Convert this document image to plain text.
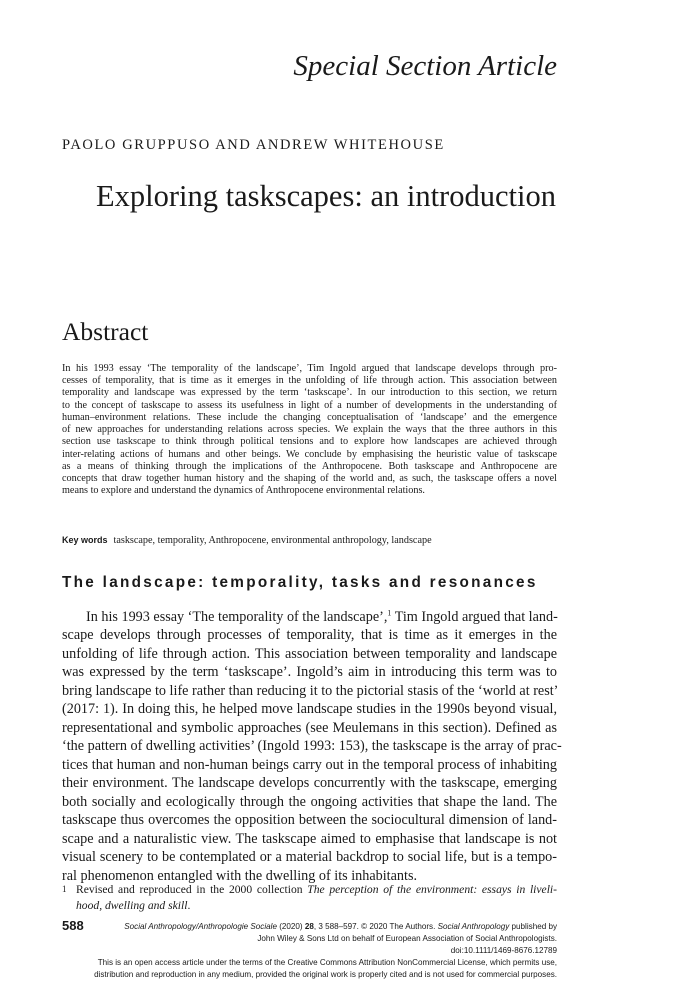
Special Section Article
PAOLO GRUPPUSO AND ANDREW WHITEHOUSE
Exploring taskscapes: an introduction
Abstract
In his 1993 essay ‘The temporality of the landscape’, Tim Ingold argued that landscape develops through pro-
cesses of temporality, that is time as it emerges in the unfolding of life through action. This association between
temporality and landscape was expressed by the term ‘taskscape’. In our introduction to this section, we return
to the concept of taskscape to assess its usefulness in light of a number of developments in the understanding of
human–environment relations. These include the changing conceptualisation of ‘landscape’ and the emergence
of new approaches for understanding relations across species. We explain the ways that the three authors in this
section use taskscape to think through political tensions and to explore how landscapes are achieved through
inter-relating actions of humans and other beings. We conclude by emphasising the heuristic value of taskscape
as a means of thinking through the implications of the Anthropocene. Both taskscape and Anthropocene are
concepts that draw together human history and the shaping of the world and, as such, the taskscape offers a novel
means to explore and understand the dynamics of Anthropocene environmental relations.
Key words taskscape, temporality, Anthropocene, environmental anthropology, landscape
The landscape: temporality, tasks and resonances
In his 1993 essay ‘The temporality of the landscape’,$^1$ Tim Ingold argued that land-
scape develops through processes of temporality, that is time as it emerges in the
unfolding of life through action. This association between temporality and landscape
was expressed by the term ‘taskscape’. Ingold’s aim in introducing this term was to
bring landscape to life rather than reducing it to the pictorial stasis of the ‘world at rest’
(2017: 1). In doing this, he helped move landscape studies in the 1990s beyond visual,
representational and symbolic approaches (see Meulemans in this section). Defined as
‘the pattern of dwelling activities’ (Ingold 1993: 153), the taskscape is the array of prac-
tices that human and non-human beings carry out in the temporal process of inhabiting
their environment. The landscape develops concurrently with the taskscape, emerging
both socially and ecologically through the ongoing activities that shape the land. The
taskscape thus overcomes the opposition between the sociocultural dimension of land-
scape and a naturalistic view. The taskscape aimed to emphasise that landscape is not
visual scenery to be contemplated or a material backdrop to social life, but is a tempo-
ral phenomenon entangled with the dwelling of its inhabitants.
1 Revised and reproduced in the 2000 collection The perception of the environment: essays in liveli-
hood, dwelling and skill.
588	Social Anthropology/Anthropologie Sociale (2020) 28, 3 588–597. © 2020 The Authors. Social Anthropology published by
John Wiley & Sons Ltd on behalf of European Association of Social Anthropologists.
doi:10.1111/1469-8676.12789
This is an open access article under the terms of the Creative Commons Attribution NonCommercial License, which permits use,
distribution and reproduction in any medium, provided the original work is properly cited and is not used for commercial purposes.
